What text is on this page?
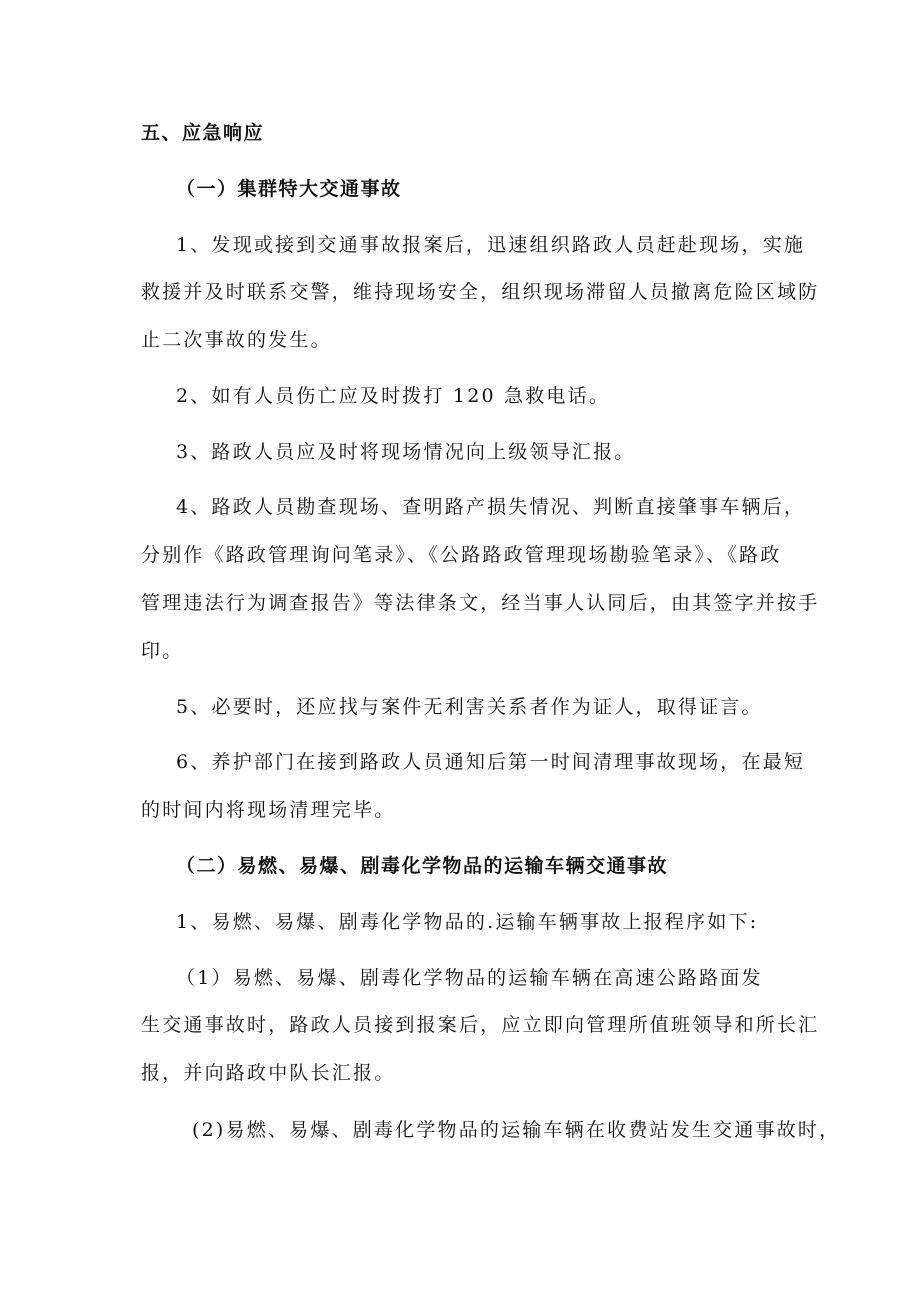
五、应急响应
（一）集群特大交通事故
1、发现或接到交通事故报案后，迅速组织路政人员赶赴现场，实施
救援并及时联系交警，维持现场安全，组织现场滞留人员撤离危险区域防
止二次事故的发生。
2、如有人员伤亡应及时拨打 120 急救电话。
3、路政人员应及时将现场情况向上级领导汇报。
4、路政人员勘查现场、查明路产损失情况、判断直接肇事车辆后，
分别作《路政管理询问笔录》、《公路路政管理现场勘验笔录》、《路政
管理违法行为调查报告》等法律条文，经当事人认同后，由其签字并按手
印。
5、必要时，还应找与案件无利害关系者作为证人，取得证言。
6、养护部门在接到路政人员通知后第一时间清理事故现场，在最短
的时间内将现场清理完毕。
（二）易燃、易爆、剧毒化学物品的运输车辆交通事故
1、易燃、易爆、剧毒化学物品的.运输车辆事故上报程序如下:
（1）易燃、易爆、剧毒化学物品的运输车辆在高速公路路面发
生交通事故时，路政人员接到报案后，应立即向管理所值班领导和所长汇
报，并向路政中队长汇报。
(2)易燃、易爆、剧毒化学物品的运输车辆在收费站发生交通事故时，
